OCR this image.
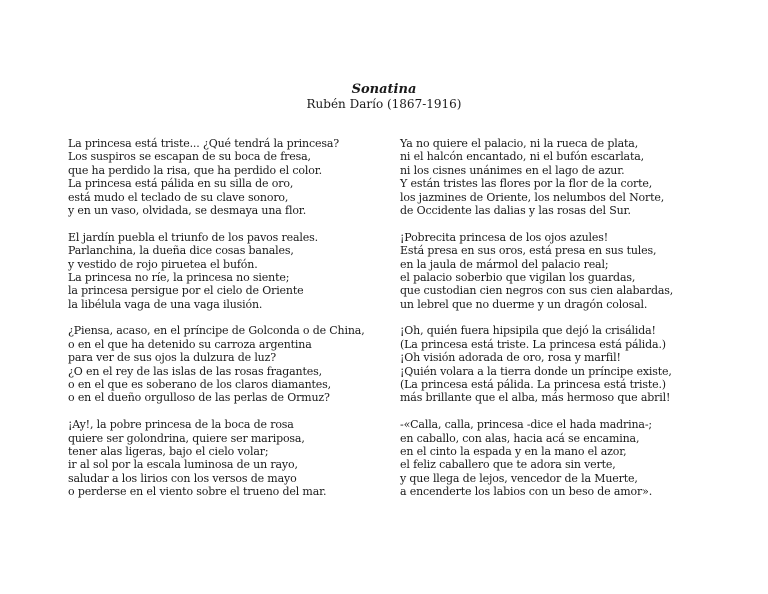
Sonatina
Rubén Darío (1867-1916)
La princesa está triste... ¿Qué tendrá la princesa?
Los suspiros se escapan de su boca de fresa,
que ha perdido la risa, que ha perdido el color.
La princesa está pálida en su silla de oro,
está mudo el teclado de su clave sonoro,
y en un vaso, olvidada, se desmaya una flor.
El jardín puebla el triunfo de los pavos reales.
Parlanchina, la dueña dice cosas banales,
y vestido de rojo piruetea el bufón.
La princesa no ríe, la princesa no siente;
la princesa persigue por el cielo de Oriente
la libélula vaga de una vaga ilusión.
¿Piensa, acaso, en el príncipe de Golconda o de China,
o en el que ha detenido su carroza argentina
para ver de sus ojos la dulzura de luz?
¿O en el rey de las islas de las rosas fragantes,
o en el que es soberano de los claros diamantes,
o en el dueño orgulloso de las perlas de Ormuz?
¡Ay!, la pobre princesa de la boca de rosa
quiere ser golondrina, quiere ser mariposa,
tener alas ligeras, bajo el cielo volar;
ir al sol por la escala luminosa de un rayo,
saludar a los lirios con los versos de mayo
o perderse en el viento sobre el trueno del mar.
Ya no quiere el palacio, ni la rueca de plata,
ni el halcón encantado, ni el bufón escarlata,
ni los cisnes unánimes en el lago de azur.
Y están tristes las flores por la flor de la corte,
los jazmines de Oriente, los nelumbos del Norte,
de Occidente las dalias y las rosas del Sur.
¡Pobrecita princesa de los ojos azules!
Está presa en sus oros, está presa en sus tules,
en la jaula de mármol del palacio real;
el palacio soberbio que vigilan los guardas,
que custodian cien negros con sus cien alabardas,
un lebrel que no duerme y un dragón colosal.
¡Oh, quién fuera hipsipila que dejó la crisálida!
(La princesa está triste. La princesa está pálida.)
¡Oh visión adorada de oro, rosa y marfil!
¡Quién volara a la tierra donde un príncipe existe,
(La princesa está pálida. La princesa está triste.)
más brillante que el alba, más hermoso que abril!
-«Calla, calla, princesa -dice el hada madrina-;
en caballo, con alas, hacia acá se encamina,
en el cinto la espada y en la mano el azor,
el feliz caballero que te adora sin verte,
y que llega de lejos, vencedor de la Muerte,
a encenderte los labios con un beso de amor».
